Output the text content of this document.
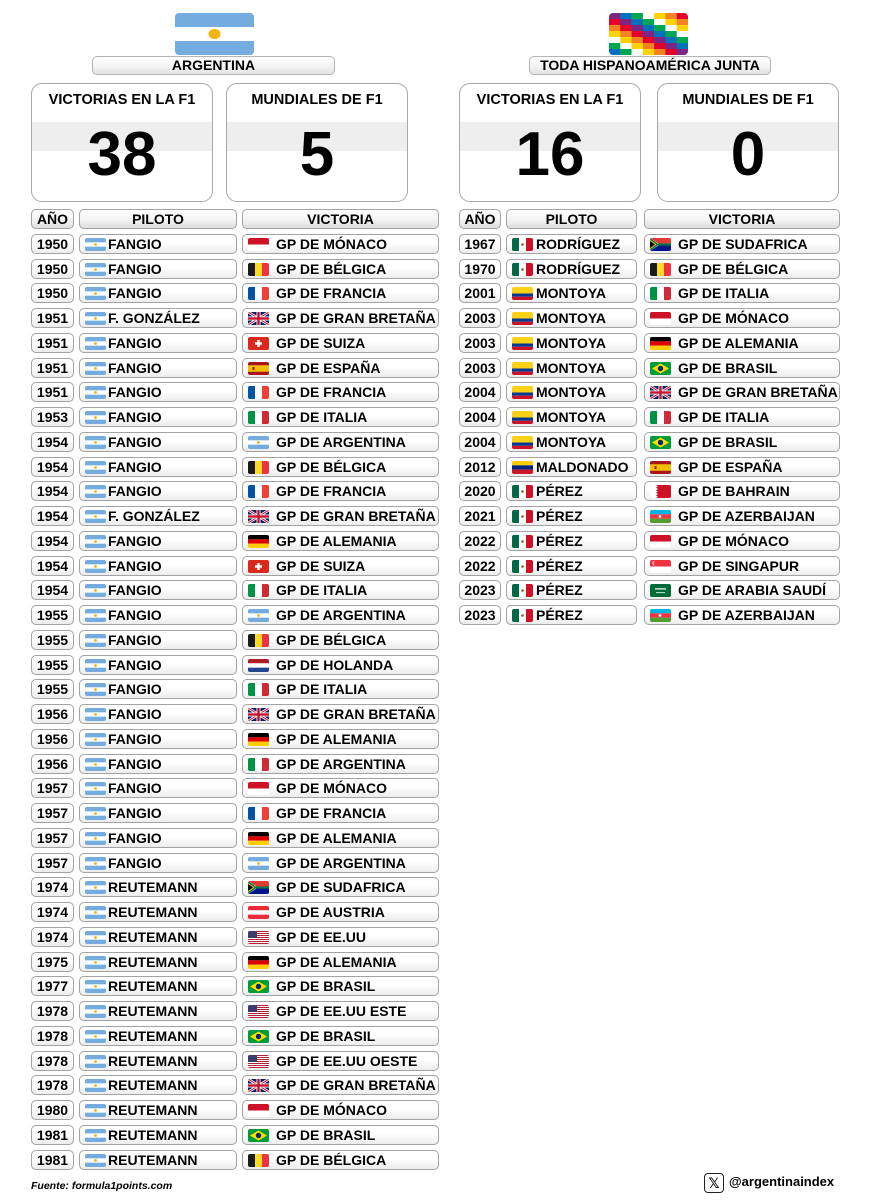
ARGENTINA
VICTORIAS EN LA F1
38
MUNDIALES DE F1
5
AÑO	PILOTO	VICTORIA
1950	FANGIO	GP DE MÓNACO
1950	FANGIO	GP DE BÉLGICA
1950	FANGIO	GP DE FRANCIA
1951	F. GONZÁLEZ	GP DE GRAN BRETAÑA
1951	FANGIO	GP DE SUIZA
1951	FANGIO	GP DE ESPAÑA
1951	FANGIO	GP DE FRANCIA
1953	FANGIO	GP DE ITALIA
1954	FANGIO	GP DE ARGENTINA
1954	FANGIO	GP DE BÉLGICA
1954	FANGIO	GP DE FRANCIA
1954	F. GONZÁLEZ	GP DE GRAN BRETAÑA
1954	FANGIO	GP DE ALEMANIA
1954	FANGIO	GP DE SUIZA
1954	FANGIO	GP DE ITALIA
1955	FANGIO	GP DE ARGENTINA
1955	FANGIO	GP DE BÉLGICA
1955	FANGIO	GP DE HOLANDA
1955	FANGIO	GP DE ITALIA
1956	FANGIO	GP DE GRAN BRETAÑA
1956	FANGIO	GP DE ALEMANIA
1956	FANGIO	GP DE ARGENTINA
1957	FANGIO	GP DE MÓNACO
1957	FANGIO	GP DE FRANCIA
1957	FANGIO	GP DE ALEMANIA
1957	FANGIO	GP DE ARGENTINA
1974	REUTEMANN	GP DE SUDAFRICA
1974	REUTEMANN	GP DE AUSTRIA
1974	REUTEMANN	GP DE EE.UU
1975	REUTEMANN	GP DE ALEMANIA
1977	REUTEMANN	GP DE BRASIL
1978	REUTEMANN	GP DE EE.UU ESTE
1978	REUTEMANN	GP DE BRASIL
1978	REUTEMANN	GP DE EE.UU OESTE
1978	REUTEMANN	GP DE GRAN BRETAÑA
1980	REUTEMANN	GP DE MÓNACO
1981	REUTEMANN	GP DE BRASIL
1981	REUTEMANN	GP DE BÉLGICA
TODA HISPANOAMÉRICA JUNTA
VICTORIAS EN LA F1
16
MUNDIALES DE F1
0
AÑO	PILOTO	VICTORIA
1967	RODRÍGUEZ	GP DE SUDAFRICA
1970	RODRÍGUEZ	GP DE BÉLGICA
2001	MONTOYA	GP DE ITALIA
2003	MONTOYA	GP DE MÓNACO
2003	MONTOYA	GP DE ALEMANIA
2003	MONTOYA	GP DE BRASIL
2004	MONTOYA	GP DE GRAN BRETAÑA
2004	MONTOYA	GP DE ITALIA
2004	MONTOYA	GP DE BRASIL
2012	MALDONADO	GP DE ESPAÑA
2020	PÉREZ	GP DE BAHRAIN
2021	PÉREZ	GP DE AZERBAIJAN
2022	PÉREZ	GP DE MÓNACO
2022	PÉREZ	GP DE SINGAPUR
2023	PÉREZ	GP DE ARABIA SAUDÍ
2023	PÉREZ	GP DE AZERBAIJAN
Fuente: formula1points.com	𝕏 @argentinaindex
